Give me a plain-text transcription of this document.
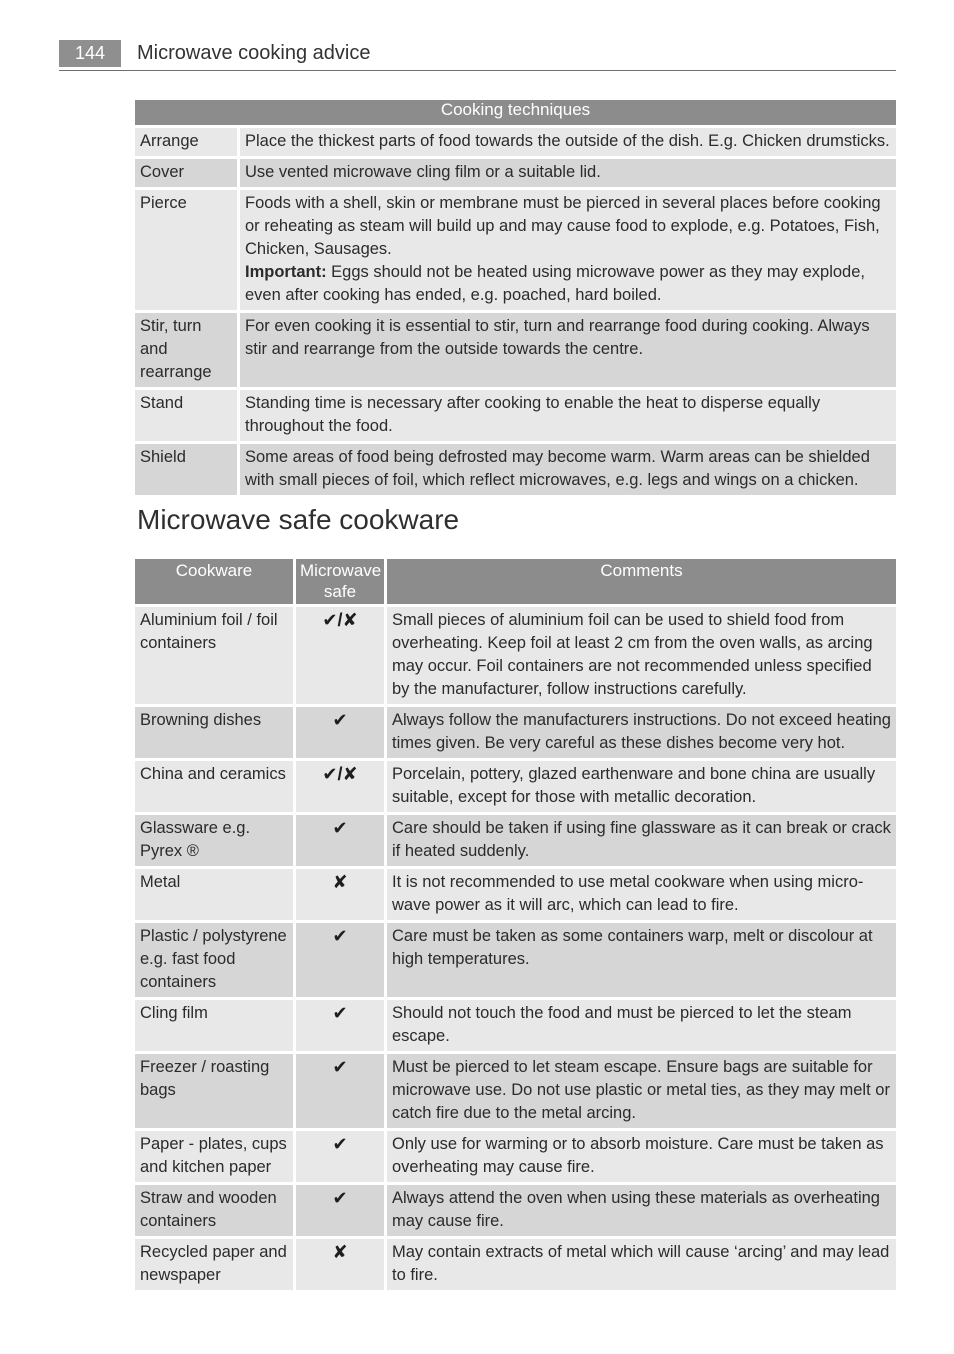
144	Microwave cooking advice
Cooking techniques	
Arrange	Place the thickest parts of food towards the outside of the dish. E.g. Chicken drumsticks.
Cover	Use vented microwave cling film or a suitable lid.
Pierce	Foods with a shell, skin or membrane must be pierced in several places before cooking or reheating as steam will build up and may cause food to explode, e.g. Potatoes, Fish, Chicken, Sausages.
Important: Eggs should not be heated using microwave power as they may explode, even after cooking has ended, e.g. poached, hard boiled.
Stir, turn and rearrange	For even cooking it is essential to stir, turn and rearrange food during cooking. Always stir and rearrange from the outside towards the centre.
Stand	Standing time is necessary after cooking to enable the heat to disperse equally throughout the food.
Shield	Some areas of food being defrosted may become warm. Warm areas can be shielded with small pieces of foil, which reflect microwaves, e.g. legs and wings on a chicken.
Microwave safe cookware
Cookware	Microwave safe	Comments
Aluminium foil / foil containers	✔/✘	Small pieces of aluminium foil can be used to shield food from overheating. Keep foil at least 2 cm from the oven walls, as arcing may occur. Foil containers are not recommended unless specified by the manufacturer, follow instructions carefully.
Browning dishes	✔	Always follow the manufacturers instructions. Do not exceed heating times given. Be very careful as these dishes become very hot.
China and ceramics	✔/✘	Porcelain, pottery, glazed earthenware and bone china are usually suitable, except for those with metallic decoration.
Glassware e.g. Pyrex ®	✔	Care should be taken if using fine glassware as it can break or crack if heated suddenly.
Metal	✘	It is not recommended to use metal cookware when using micro-wave power as it will arc, which can lead to fire.
Plastic / polystyrene e.g. fast food containers	✔	Care must be taken as some containers warp, melt or discolour at high temperatures.
Cling film	✔	Should not touch the food and must be pierced to let the steam escape.
Freezer / roasting bags	✔	Must be pierced to let steam escape. Ensure bags are suitable for microwave use. Do not use plastic or metal ties, as they may melt or catch fire due to the metal arcing.
Paper - plates, cups and kitchen paper	✔	Only use for warming or to absorb moisture. Care must be taken as overheating may cause fire.
Straw and wooden containers	✔	Always attend the oven when using these materials as overheating may cause fire.
Recycled paper and newspaper	✘	May contain extracts of metal which will cause ‘arcing’ and may lead to fire.
